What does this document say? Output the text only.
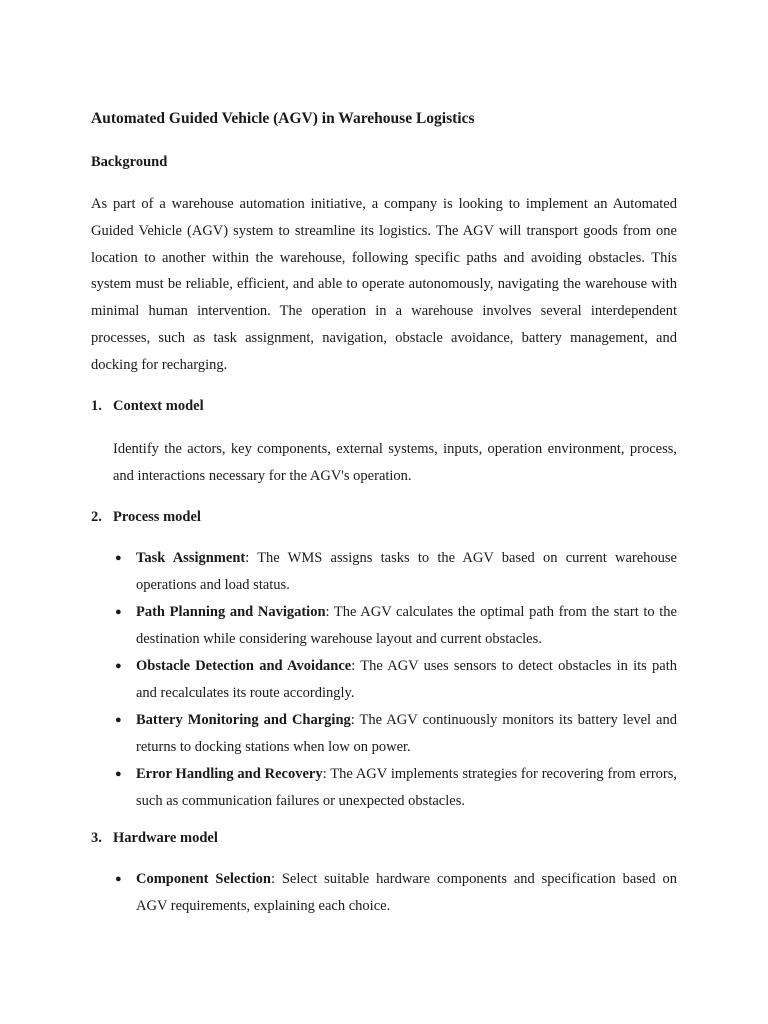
Automated Guided Vehicle (AGV) in Warehouse Logistics
Background

As part of a warehouse automation initiative, a company is looking to implement an Automated Guided Vehicle (AGV) system to streamline its logistics. The AGV will transport goods from one location to another within the warehouse, following specific paths and avoiding obstacles. This system must be reliable, efficient, and able to operate autonomously, navigating the warehouse with minimal human intervention. The operation in a warehouse involves several interdependent processes, such as task assignment, navigation, obstacle avoidance, battery management, and docking for recharging.

1. Context model

Identify the actors, key components, external systems, inputs, operation environment, process, and interactions necessary for the AGV's operation.

2. Process model
● Task Assignment: The WMS assigns tasks to the AGV based on current warehouse operations and load status.
● Path Planning and Navigation: The AGV calculates the optimal path from the start to the destination while considering warehouse layout and current obstacles.
● Obstacle Detection and Avoidance: The AGV uses sensors to detect obstacles in its path and recalculates its route accordingly.
● Battery Monitoring and Charging: The AGV continuously monitors its battery level and returns to docking stations when low on power.
● Error Handling and Recovery: The AGV implements strategies for recovering from errors, such as communication failures or unexpected obstacles.
3. Hardware model
● Component Selection: Select suitable hardware components and specification based on AGV requirements, explaining each choice.
